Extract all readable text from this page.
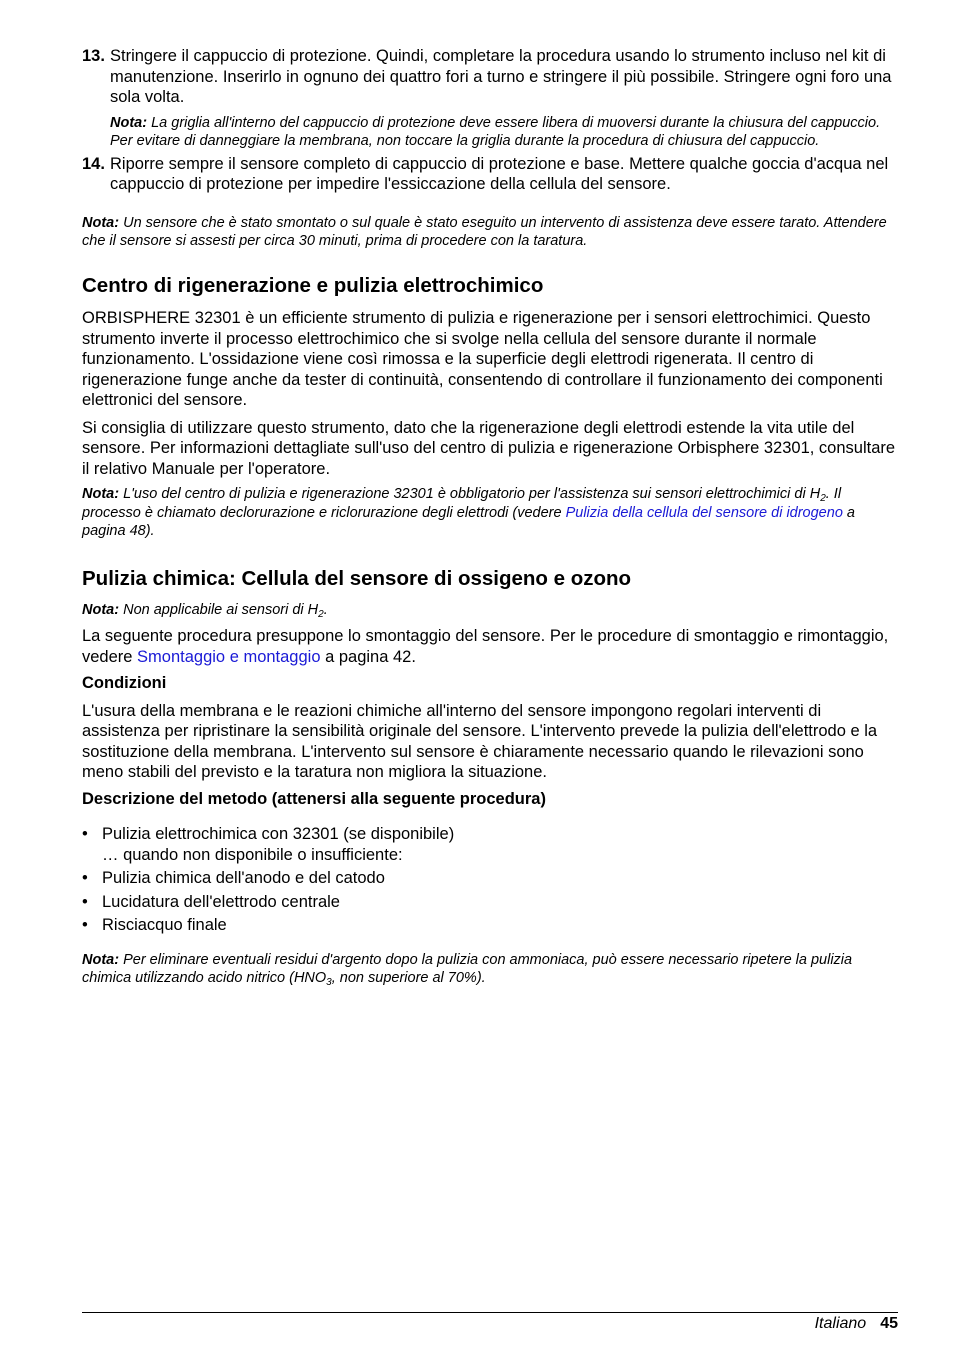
13. Stringere il cappuccio di protezione. Quindi, completare la procedura usando lo strumento incluso nel kit di manutenzione. Inserirlo in ognuno dei quattro fori a turno e stringere il più possibile. Stringere ogni foro una sola volta.

Nota: La griglia all'interno del cappuccio di protezione deve essere libera di muoversi durante la chiusura del cappuccio. Per evitare di danneggiare la membrana, non toccare la griglia durante la procedura di chiusura del cappuccio.

14. Riporre sempre il sensore completo di cappuccio di protezione e base. Mettere qualche goccia d'acqua nel cappuccio di protezione per impedire l'essiccazione della cellula del sensore.

Nota: Un sensore che è stato smontato o sul quale è stato eseguito un intervento di assistenza deve essere tarato. Attendere che il sensore si assesti per circa 30 minuti, prima di procedere con la taratura.

Centro di rigenerazione e pulizia elettrochimico

ORBISPHERE 32301 è un efficiente strumento di pulizia e rigenerazione per i sensori elettrochimici. Questo strumento inverte il processo elettrochimico che si svolge nella cellula del sensore durante il normale funzionamento. L'ossidazione viene così rimossa e la superficie degli elettrodi rigenerata. Il centro di rigenerazione funge anche da tester di continuità, consentendo di controllare il funzionamento dei componenti elettronici del sensore.

Si consiglia di utilizzare questo strumento, dato che la rigenerazione degli elettrodi estende la vita utile del sensore. Per informazioni dettagliate sull'uso del centro di pulizia e rigenerazione Orbisphere 32301, consultare il relativo Manuale per l'operatore.

Nota: L'uso del centro di pulizia e rigenerazione 32301 è obbligatorio per l'assistenza sui sensori elettrochimici di $H_2$. Il processo è chiamato declorurazione e riclorurazione degli elettrodi (vedere Pulizia della cellula del sensore di idrogeno a pagina 48).

Pulizia chimica: Cellula del sensore di ossigeno e ozono

Nota: Non applicabile ai sensori di $H_2$.

La seguente procedura presuppone lo smontaggio del sensore. Per le procedure di smontaggio e rimontaggio, vedere Smontaggio e montaggio a pagina 42.

Condizioni

L'usura della membrana e le reazioni chimiche all'interno del sensore impongono regolari interventi di assistenza per ripristinare la sensibilità originale del sensore. L'intervento prevede la pulizia dell'elettrodo e la sostituzione della membrana. L'intervento sul sensore è chiaramente necessario quando le rilevazioni sono meno stabili del previsto e la taratura non migliora la situazione.

Descrizione del metodo (attenersi alla seguente procedura)
• Pulizia elettrochimica con 32301 (se disponibile)
… quando non disponibile o insufficiente:
• Pulizia chimica dell'anodo e del catodo
• Lucidatura dell'elettrodo centrale
• Risciacquo finale

Nota: Per eliminare eventuali residui d'argento dopo la pulizia con ammoniaca, può essere necessario ripetere la pulizia chimica utilizzando acido nitrico ($HNO_3$, non superiore al 70%).

Italiano 45
